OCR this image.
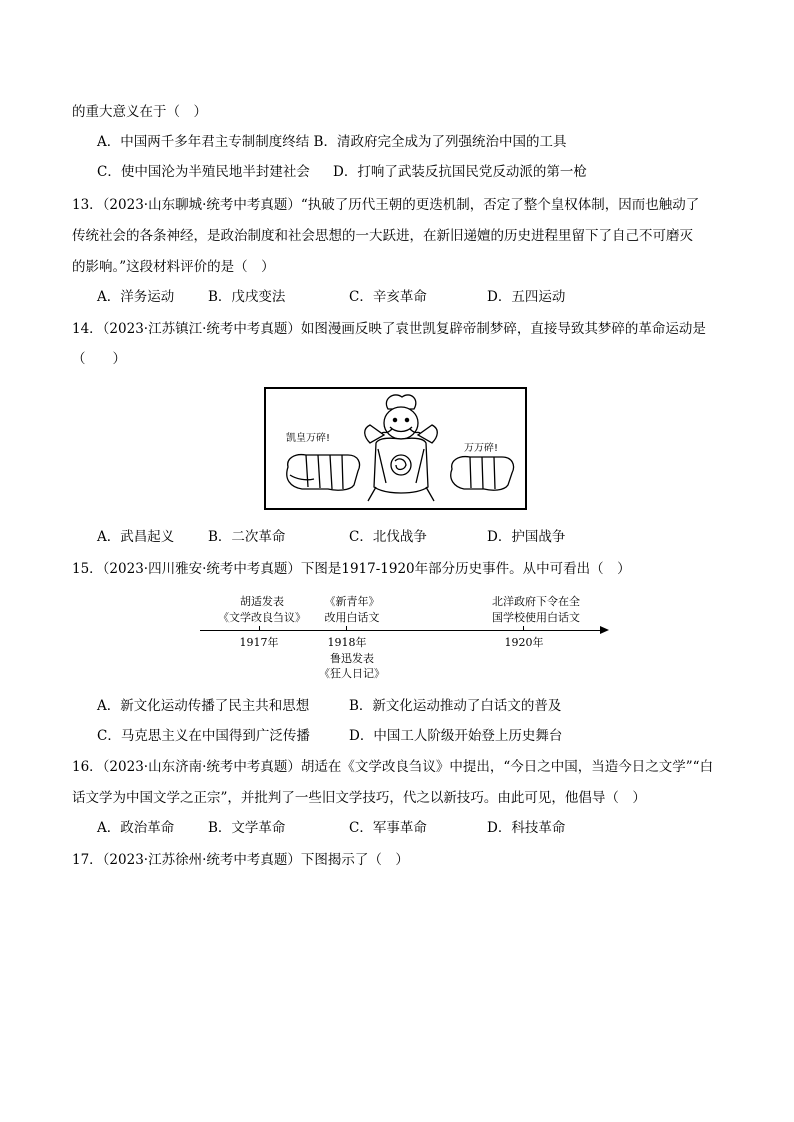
的重大意义在于（　）
A．中国两千多年君主专制制度终结 B．清政府完全成为了列强统治中国的工具
C．使中国沦为半殖民地半封建社会 D．打响了武装反抗国民党反动派的第一枪
13．（2023·山东聊城·统考中考真题）“执破了历代王朝的更迭机制，否定了整个皇权体制，因而也触动了
传统社会的各条神经，是政治制度和社会思想的一大跃进，在新旧递嬗的历史进程里留下了自己不可磨灭
的影响。”这段材料评价的是（　）
A．洋务运动	B．戊戌变法	C．辛亥革命	D．五四运动
14．（2023·江苏镇江·统考中考真题）如图漫画反映了袁世凯复辟帝制梦碎，直接导致其梦碎的革命运动是
（　　）
凯皇万碎!
万万碎!
A．武昌起义	B．二次革命	C．北伐战争	D．护国战争
15．（2023·四川雅安·统考中考真题）下图是1917-1920年部分历史事件。从中可看出（　）
胡适发表
《文学改良刍议》
《新青年》
改用白话文
北洋政府下令在全
国学校使用白话文
1917年	1918年	1920年
鲁迅发表
《狂人日记》
A．新文化运动传播了民主共和思想	B．新文化运动推动了白话文的普及
C．马克思主义在中国得到广泛传播	D．中国工人阶级开始登上历史舞台
16．（2023·山东济南·统考中考真题）胡适在《文学改良刍议》中提出，“今日之中国，当造今日之文学”“白
话文学为中国文学之正宗”，并批判了一些旧文学技巧，代之以新技巧。由此可见，他倡导（　）
A．政治革命	B．文学革命	C．军事革命	D．科技革命
17．（2023·江苏徐州·统考中考真题）下图揭示了（　）
